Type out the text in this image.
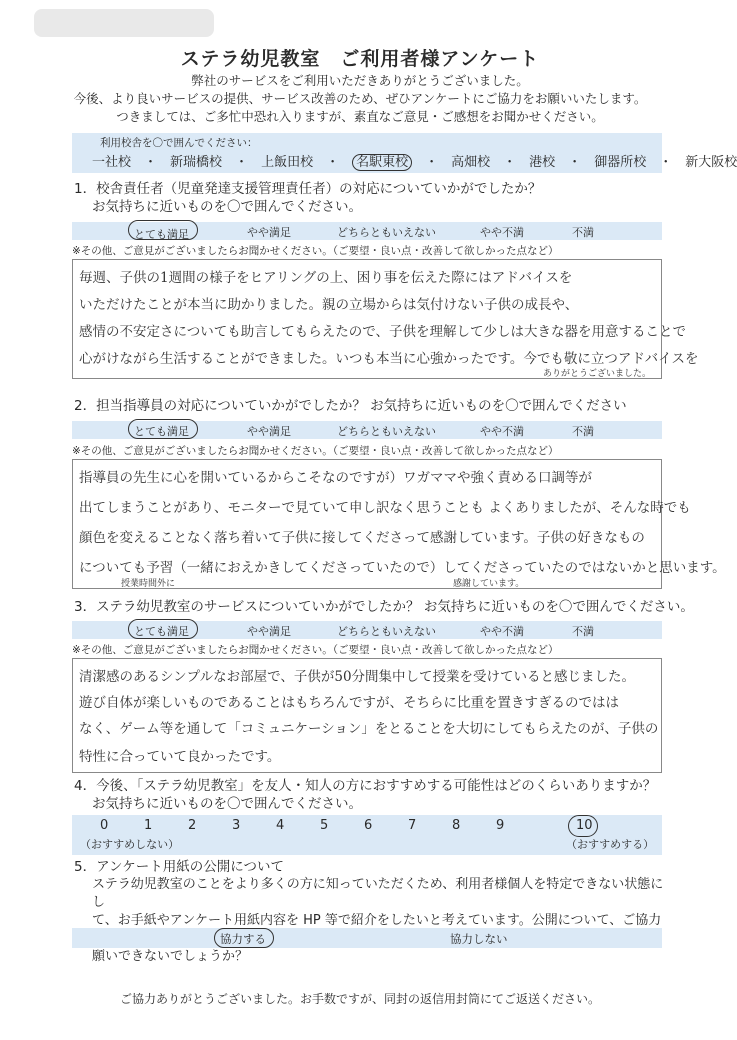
ステラ幼児教室　ご利用者様アンケート
弊社のサービスをご利用いただきありがとうございました。
今後、より良いサービスの提供、サービス改善のため、ぜひアンケートにご協力をお願いいたします。
つきましては、ご多忙中恐れ入りますが、素直なご意見・ご感想をお聞かせください。
利用校舎を〇で囲んでください：
一社校　・　 新瑞橋校　・　 上飯田校　・　 名駅東校　・　 高畑校　・　 港校　・　 御器所校　・　 新大阪校
1．校舎責任者（児童発達支援管理責任者）の対応についていかがでしたか？
お気持ちに近いものを〇で囲んでください。
とても満足	やや満足	どちらともいえない	やや不満	不満
※その他、ご意見がございましたらお聞かせください。（ご要望・良い点・改善して欲しかった点など）
毎週、子供の1週間の様子をヒアリングの上、困り事を伝えた際にはアドバイスを
いただけたことが本当に助かりました。親の立場からは気付けない子供の成長や、
感情の不安定さについても助言してもらえたので、子供を理解して少しは大きな器を用意することで
心がけながら生活することができました。いつも本当に心強かったです。今でも敬に立つアドバイスを
ありがとうございました。
2．担当指導員の対応についていかがでしたか？ お気持ちに近いものを〇で囲んでください
とても満足	やや満足	どちらともいえない	やや不満	不満
※その他、ご意見がございましたらお聞かせください。（ご要望・良い点・改善して欲しかった点など）
指導員の先生に心を開いているからこそなのですが）ワガママや強く責める口調等が
出てしまうことがあり、モニターで見ていて申し訳なく思うことも よくありましたが、そんな時でも
顔色を変えることなく落ち着いて子供に接してくださって感謝しています。子供の好きなもの
についても予習（一緒におえかきしてくださっていたので）してくださっていたのではないかと思います。
授業時間外に	感謝しています。
3．ステラ幼児教室のサービスについていかがでしたか？ お気持ちに近いものを〇で囲んでください。
とても満足	やや満足	どちらともいえない	やや不満	不満
※その他、ご意見がございましたらお聞かせください。（ご要望・良い点・改善して欲しかった点など）
清潔感のあるシンプルなお部屋で、子供が50分間集中して授業を受けていると感じました。
遊び自体が楽しいものであることはもちろんですが、そちらに比重を置きすぎるのではは
なく、ゲーム等を通して「コミュニケーション」をとることを大切にしてもらえたのが、子供の
特性に合っていて良かったです。
4．今後、「ステラ幼児教室」を友人・知人の方におすすめする可能性はどのくらいありますか？
お気持ちに近いものを〇で囲んでください。
0	1	2	3	4	5	6	7	8	9	10
（おすすめしない）	（おすすめする）
5．アンケート用紙の公開について
ステラ幼児教室のことをより多くの方に知っていただくため、利用者様個人を特定できない状態にし
て、お手紙やアンケート用紙内容を HP 等で紹介をしたいと考えています。公開について、ご協力
願いできないでしょうか？
協力する	協力しない
ご協力ありがとうございました。お手数ですが、同封の返信用封筒にてご返送ください。
